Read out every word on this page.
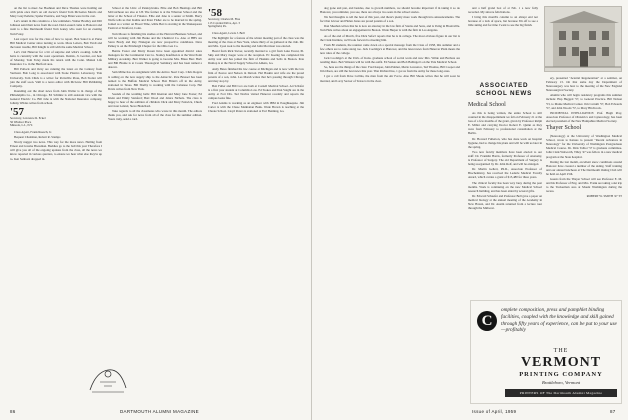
on the list to meet Joe Hoehnen and Dave Thomas were holding out with pride once that's an old doctor's friend Tom McGettes Morris and Mary Gray Perkins; Spider Prentice, and Sage Brian were in the cast.

Let's return in this column to a few reminders. Walter Bradley and Dill Johnson send their news from the road. Dan Lessard came to Hanover and went to a fine Dartmouth friend Tom Ganey who went for an evening Tom Foley.

Last report was for the class of how to report. Ben Sokol is at Purse Hill Medical Center since turning to work. More Letters, Bob Yardi and the latest trouble, Bill Knight is still with the same Medical School.

Let's visit Hanover for a bit of surprise and what's cooking. John B. Ierns is currently with the coast operations. Dennis, Jr. Gordon, our host of Monday, Tom Foley made his return with the Conn. Mutual Life Insurance Co. in the Hartford area.

Bill Pollock and Ozzy are running the latest on the Century from Vermont. Bob Long is associated with Stone Plastics Laboratory, Yale University. Tom Chick is a writer for Pottsville Press, Bob Stotler will join the staff soon. Vaill is a news editor with McGraw Hill Publishing Company.

Rounding out the short news from John Waller is in charge of the Philadelphia Co., in Chicago. Ed Schmitz is still assistant vice with the General Electric Co. Bill Jabe is with the National Insurance company, Johnny Wildes writes from school.

'57
Secretary, Lawrence R. Eckel
56 Windsor Place
Mineola, L.I., N.Y.

Class Agent, Frank Ruesch, Jr.

Bequest Chairman, Robert R. Stamps

Nicely nugget two news. This way for the more news. Hailing from Ernest and Jerome Bressman. Buddies go to the ball this year Therefore I will give you all of the ongoing updates from the class, all the news we know reported in various quarters, to ensure we hear what else they're up to. Ken Sanborn dropped in.

School at the Univ. of Pennsylvania. Ellie and Bob Hastings and Bill McCutcheon are also at UP. The former is at the Wharton School and the latter at the School of Finance. Ellie and Jane is a senior at Smith. Barry Wolfe tells us that Kathie and Peter Fisher are to be married in the spring. Joined as a writer on Broad Tlme, while Bert is starring in the Shakespeare Festival at Stratford, Conn.

Tom Moore is finishing his studies at the Harvard Business School, and will be working with Jim Burke and the Chemical Co. Also at HBS are Steve Brady and Ray Finnegan are now prospective candidates. Dave Pelkey is on the Pittsburgh Chapter for the Ohio Gas Co.

Bernie Foster and Marty Rosen have been appointed district sales managers for the Continental Can Co. Stanley Kaufman is at the West Point Military Academy. Burt Walker is going to become Mrs. Blaze Barr. Barb and Bill Blaine is at Coons Theological Seminary and has been named a deacon.

Sam Milne has an assignment with the Armco Steel Corp. Chris Rogers is sailing on the new supply ship to the Antarctic. Pete Brussel has been named to the Buffalo Medical School. Bob Brian's off in the Army, stationed in Texas. Bill Shelby is working with the Celanese Corp. Hal Davis writes from New York.

Sounds of the wedding bells: Bill Kiernan and Mary Jane Foster; Ed Klein and Emily Stanford; Burt Wood and Janice Nichols. The class is happy to hear of the addition of children: Dick and Mary Fenwick, Chuck and Joan Leland, Steve Blanchard.

Take regards to all the classmates who wrote in this month. The editors thank you, and ask for news from all of the class for the summer edition. Yours truly, send a card.

'58
Secretary, Charles M. Fine
113 Colonial Drive, Apt. 3
Springfield, Pa.

Class Agent, Lewis J. Bell

The highlight for a feature of the winter meeting part of the class was the meeting of the class at New York, where thirty of us gathered at the club. Mr. and Mrs. Lyon took to the meeting and John Morrison was elected.

Heard from Rick Stever, recently married to a girl from Lake Forest, Ill. Skip and Mary Jaeger were at the reception. Ev Koenig has completed his Army tour and has joined the firm of Haskins and Sells in Boston. Pete Dunlop is at the Naval Supply School in Athens, Ga.

Andy Bates finished his law course at Michigan and is now with the law firm of Pearce and Nelson in Detroit. Hal Baskin and wife are the proud parents of a son, John. Les Marsh writes that he's passing through Chicago and may stop by.

Bob Fuller and Bill Cox are both at Cornell Medical School. Art Schafer is a first year student at Columbia Law. Ed Stokes and Dan Voight are in the Army at Fort Dix. Ted Nevins visited Hanover recently and reports the campus looks fine.

Fred Adams is working as an engineer with IBM in Poughkeepsie. Jim Carter is with the Chase Manhattan Bank. Wade Brown is teaching at the Choate School. Lloyd Peters is stationed at Fort Benning, Ga.

86	DARTMOUTH ALUMNI MAGAZINE

dog gone and pan, and besides, due to growth numbers, we should become important if in taking it so do Hanover, you reminder, you see, there are always two seats in the school stories.

We had thoughts to tell the best of this year, and there's plenty more work through into announcements. The fact that Glover and Helen Jones are proud parents of a son.

Dan Sheehan writes that he is now an attorney in the law firm of Sterns and Sons, and is living in Bronxville. Tom Hale writes about an engagement in Boston. Wade Harper is with the firm in Los Angeles.

As of the end of March, five Dick Sefacl reports that he is in college. The most obvious figure in our list is the Clark Institute, we'll look forward to meeting him.

From 80 students, the reunion came down on a special message from the Class of 1958, this summer and a few others are to come along too. Jack Coolidge's at Hanover, and the latest news from Hanover Plain meets the new rules of the college.

Jack Coolidge's at the Univ. of Kans. graduate school of social work and now Mrs. Wilde and Barbara are residing there. Bob Winston will be with the outfit. Ed Stokes and Bob Ballinger's on the Yale Medical School.

So, here are the things of the class: Fred Kasper, John Palmer, Merle Lawrence, Ted Thomas, Bill Cooper and Jim Olson, are still the best news this year. That Richard has, 1 got us from the Army for these long ones.

I got a call from Dave Collins, the man from the Air Force. Also Bill Shook writes that he will soon be married, and Larry Seaver of Texas is in the clear.

and a half grand box of at Feb. 1 a now fully recorded. My sincere felicitations.

I bring this month's column to an abrupt end not because of a lack of space, but because I'm off to see a little skiing and for time I want to see the big finish.

ASSOCIATED
SCHOOL NEWS
Medical School

As this is being written, the entire School is still counted in the disappointment we felt on February 21 at the loss of a few months of the grant, given by Professor Ralph E. Miller and carrying Doctor Robert E. Quinn as they were from February to professional consultation at the Berlin.

Dr. Howard Fullerton, who has done work on hospital hygiene, had to change his plans and will be with us later in the spring.

Two new faculty members have been elected to our staff: Dr. Franklin Harris, formerly Professor of Anatomy, is Professor of Surgery. The old Department of Surgery is being reorganized by Dr. John Rolf, and will be enlarged.

Dr. Martin Gellert, Ph.D., Associate Professor of Biochemistry, has received the Lederle Medical Faculty Award, which carries a grant of $15,480 for three years.

The clinical faculty has been very busy during the past months. Work is continuing on the new Medical School research building, and has been aided by several gifts.

Dr. Edward Schaefer and Professor Bell gave a paper on medical biology at the annual meeting of the Academy in New Haven, and Dr. Austin returned from a lecture tour through the Midwest.

ery, presented "Arterial Regeneration" at a seminar, on February 13. On that same day the Department of Neurosurgery was host to the meeting of the New England Neurosurgical Society.

Alumni who will begin residency programs this summer include: Hap Haggett '57, to General Practice. Bill Nelson '53, to Maine Medical Center. Jim Carruth '57, Bob Edwards '57, and John Woods '57, to Mary Hitchcock.

INCIDENTAL INTELLIGENCE: Prof. Hugh Pray, Associate Professor of Obstetrics and Gynecology, has been elected president of the New Hampshire Medical Society.

Thayer School

(Neurology) at the University of Washington Medical School, wrote to Kansas to present "Recent Advances in Neurology" for the University of Washington Postgraduate Medical Course. Dr. Dick Talbot '57 is graduate committee. John Clark Walworth, Tilley '47 was fellow in a new medical program at the State hospital.

During the last month, excellent snow conditions around Hanover have created a number of the skiing. Staff training and our annual luncheon at The Dartmouth Outing Club will be held on April 25th.

Guests from the Thayer School will see Professor E. M. and his Professor of Eng. and Mrs. Frank are taking a ski trip to the Tuckerman area at Mount Washington during the recess.

ROBERT W. SMITH '47 TT

C
omplete composition, press and pamphlet binding facilities, coupled with the knowledge and skill gained through fifty years of experience, can be put to your use—profitably
THE
VERMONT
PRINTING COMPANY
Brattleboro, Vermont
PRINTERS OF The Dartmouth Alumni Magazine
Issue of April, 1959	87
